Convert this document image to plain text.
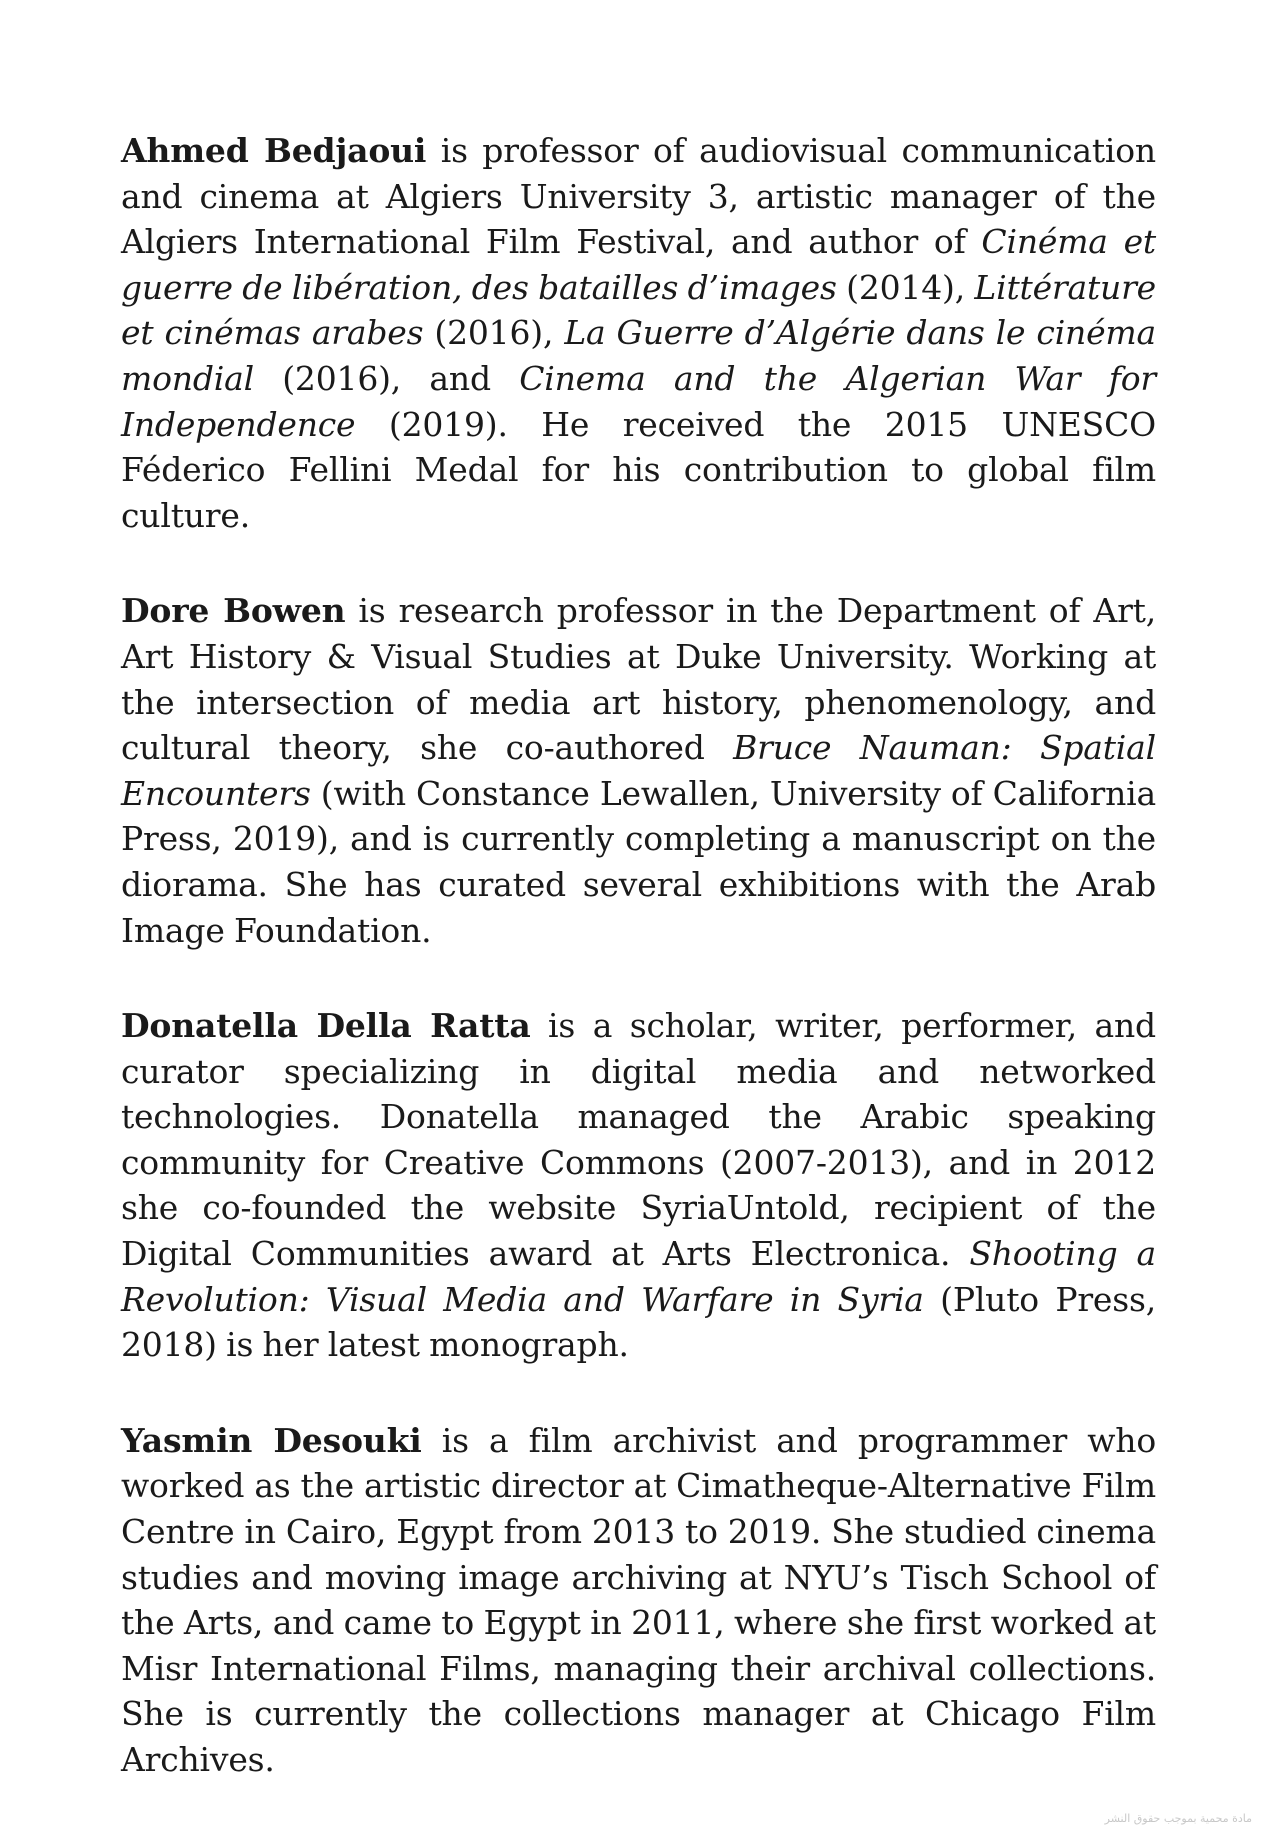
Ahmed Bedjaoui is professor of audiovisual communication and cinema at Algiers University 3, artistic manager of the Algiers International Film Festival, and author of Cinéma et guerre de libération, des batailles d’images (2014), Littérature et cinémas arabes (2016), La Guerre d’Algérie dans le cinéma mondial (2016), and Cinema and the Algerian War for Independence (2019). He received the 2015 UNESCO Féderico Fellini Medal for his contribution to global film culture.

Dore Bowen is research professor in the Department of Art, Art History & Visual Studies at Duke University. Working at the intersection of media art history, phenomenology, and cultural theory, she co-authored Bruce Nauman: Spatial Encounters (with Constance Lewallen, University of California Press, 2019), and is currently completing a manuscript on the diorama. She has curated several exhibitions with the Arab Image Foundation.

Donatella Della Ratta is a scholar, writer, performer, and curator specializing in digital media and networked technologies. Donatella managed the Arabic speaking community for Creative Commons (2007-2013), and in 2012 she co-founded the website SyriaUntold, recipient of the Digital Communities award at Arts Electronica. Shooting a Revolution: Visual Media and Warfare in Syria (Pluto Press, 2018) is her latest monograph.

Yasmin Desouki is a film archivist and programmer who worked as the artistic director at Cimatheque-Alternative Film Centre in Cairo, Egypt from 2013 to 2019. She studied cinema studies and moving image archiving at NYU’s Tisch School of the Arts, and came to Egypt in 2011, where she first worked at Misr International Films, managing their archival collections. She is currently the collections manager at Chicago Film Archives.

مادة محمية بموجب حقوق النشر
